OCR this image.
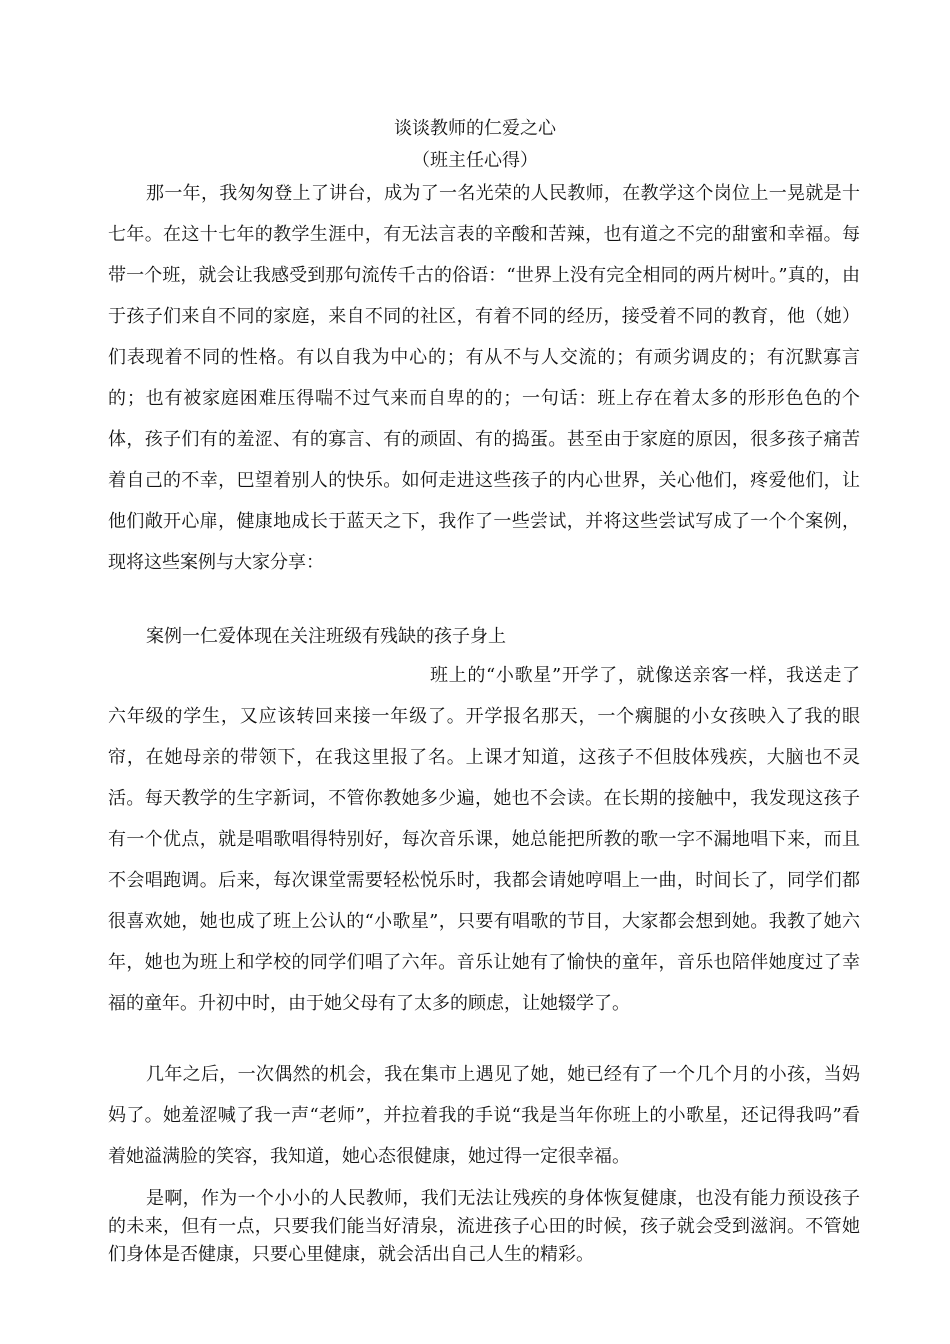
谈谈教师的仁爱之心
（班主任心得）

那一年，我匆匆登上了讲台，成为了一名光荣的人民教师，在教学这个岗位上一晃就是十七年。在这十七年的教学生涯中，有无法言表的辛酸和苦辣，也有道之不完的甜蜜和幸福。每带一个班，就会让我感受到那句流传千古的俗语：“世界上没有完全相同的两片树叶。”真的，由于孩子们来自不同的家庭，来自不同的社区，有着不同的经历，接受着不同的教育，他（她）们表现着不同的性格。有以自我为中心的；有从不与人交流的；有顽劣调皮的；有沉默寡言的；也有被家庭困难压得喘不过气来而自卑的的；一句话：班上存在着太多的形形色色的个体，孩子们有的羞涩、有的寡言、有的顽固、有的捣蛋。甚至由于家庭的原因，很多孩子痛苦着自己的不幸，巴望着别人的快乐。如何走进这些孩子的内心世界，关心他们，疼爱他们，让他们敞开心扉，健康地成长于蓝天之下，我作了一些尝试，并将这些尝试写成了一个个案例，现将这些案例与大家分享：

案例一仁爱体现在关注班级有残缺的孩子身上

班上的“小歌星”开学了，就像送亲客一样，我送走了六年级的学生，又应该转回来接一年级了。开学报名那天，一个瘸腿的小女孩映入了我的眼帘，在她母亲的带领下，在我这里报了名。上课才知道，这孩子不但肢体残疾，大脑也不灵活。每天教学的生字新词，不管你教她多少遍，她也不会读。在长期的接触中，我发现这孩子有一个优点，就是唱歌唱得特别好，每次音乐课，她总能把所教的歌一字不漏地唱下来，而且不会唱跑调。后来，每次课堂需要轻松悦乐时，我都会请她哼唱上一曲，时间长了，同学们都很喜欢她，她也成了班上公认的“小歌星”，只要有唱歌的节目，大家都会想到她。我教了她六年，她也为班上和学校的同学们唱了六年。音乐让她有了愉快的童年，音乐也陪伴她度过了幸福的童年。升初中时，由于她父母有了太多的顾虑，让她辍学了。

几年之后，一次偶然的机会，我在集市上遇见了她，她已经有了一个几个月的小孩，当妈妈了。她羞涩喊了我一声“老师”，并拉着我的手说“我是当年你班上的小歌星，还记得我吗”看着她溢满脸的笑容，我知道，她心态很健康，她过得一定很幸福。

是啊，作为一个小小的人民教师，我们无法让残疾的身体恢复健康，也没有能力预设孩子的未来，但有一点，只要我们能当好清泉，流进孩子心田的时候，孩子就会受到滋润。不管她们身体是否健康，只要心里健康，就会活出自己人生的精彩。
